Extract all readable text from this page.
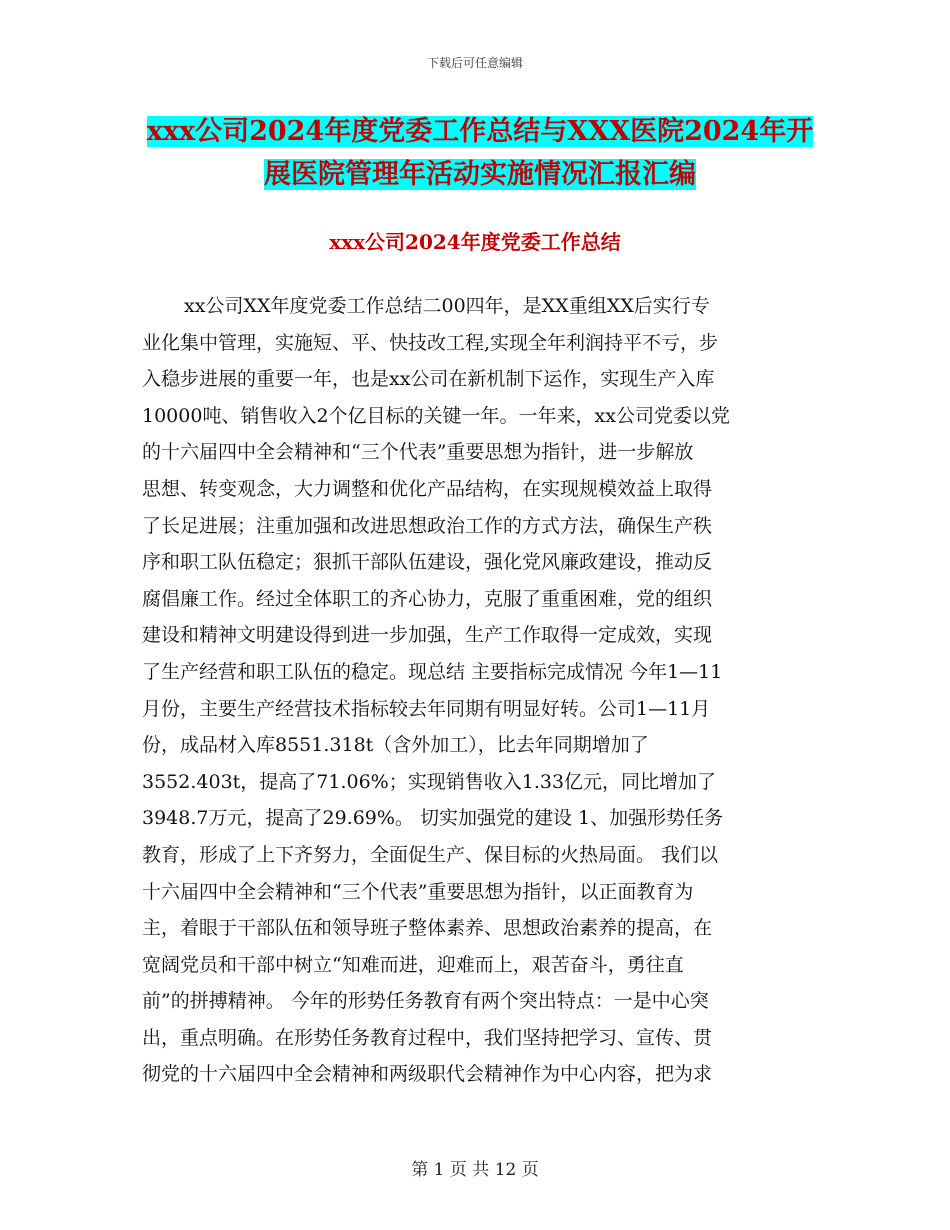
下载后可任意编辑
xxx公司2024年度党委工作总结与XXX医院2024年开
展医院管理年活动实施情况汇报汇编
xxx公司2024年度党委工作总结
xx公司XX年度党委工作总结二00四年，是XX重组XX后实行专
业化集中管理，实施短、平、快技改工程,实现全年利润持平不亏，步
入稳步进展的重要一年，也是xx公司在新机制下运作，实现生产入库
10000吨、销售收入2个亿目标的关键一年。一年来，xx公司党委以党
的十六届四中全会精神和“三个代表”重要思想为指针，进一步解放
思想、转变观念，大力调整和优化产品结构，在实现规模效益上取得
了长足进展；注重加强和改进思想政治工作的方式方法，确保生产秩
序和职工队伍稳定；狠抓干部队伍建设，强化党风廉政建设，推动反
腐倡廉工作。经过全体职工的齐心协力，克服了重重困难，党的组织
建设和精神文明建设得到进一步加强，生产工作取得一定成效，实现
了生产经营和职工队伍的稳定。现总结 主要指标完成情况 今年1—11
月份，主要生产经营技术指标较去年同期有明显好转。公司1—11月
份，成品材入库8551.318t（含外加工），比去年同期增加了
3552.403t，提高了71.06%；实现销售收入1.33亿元，同比增加了
3948.7万元，提高了29.69%。 切实加强党的建设 1、加强形势任务
教育，形成了上下齐努力，全面促生产、保目标的火热局面。 我们以
十六届四中全会精神和“三个代表”重要思想为指针，以正面教育为
主，着眼于干部队伍和领导班子整体素养、思想政治素养的提高，在
宽阔党员和干部中树立“知难而进，迎难而上，艰苦奋斗，勇往直
前”的拼搏精神。 今年的形势任务教育有两个突出特点：一是中心突
出，重点明确。在形势任务教育过程中，我们坚持把学习、宣传、贯
彻党的十六届四中全会精神和两级职代会精神作为中心内容，把为求
第 1 页 共 12 页
